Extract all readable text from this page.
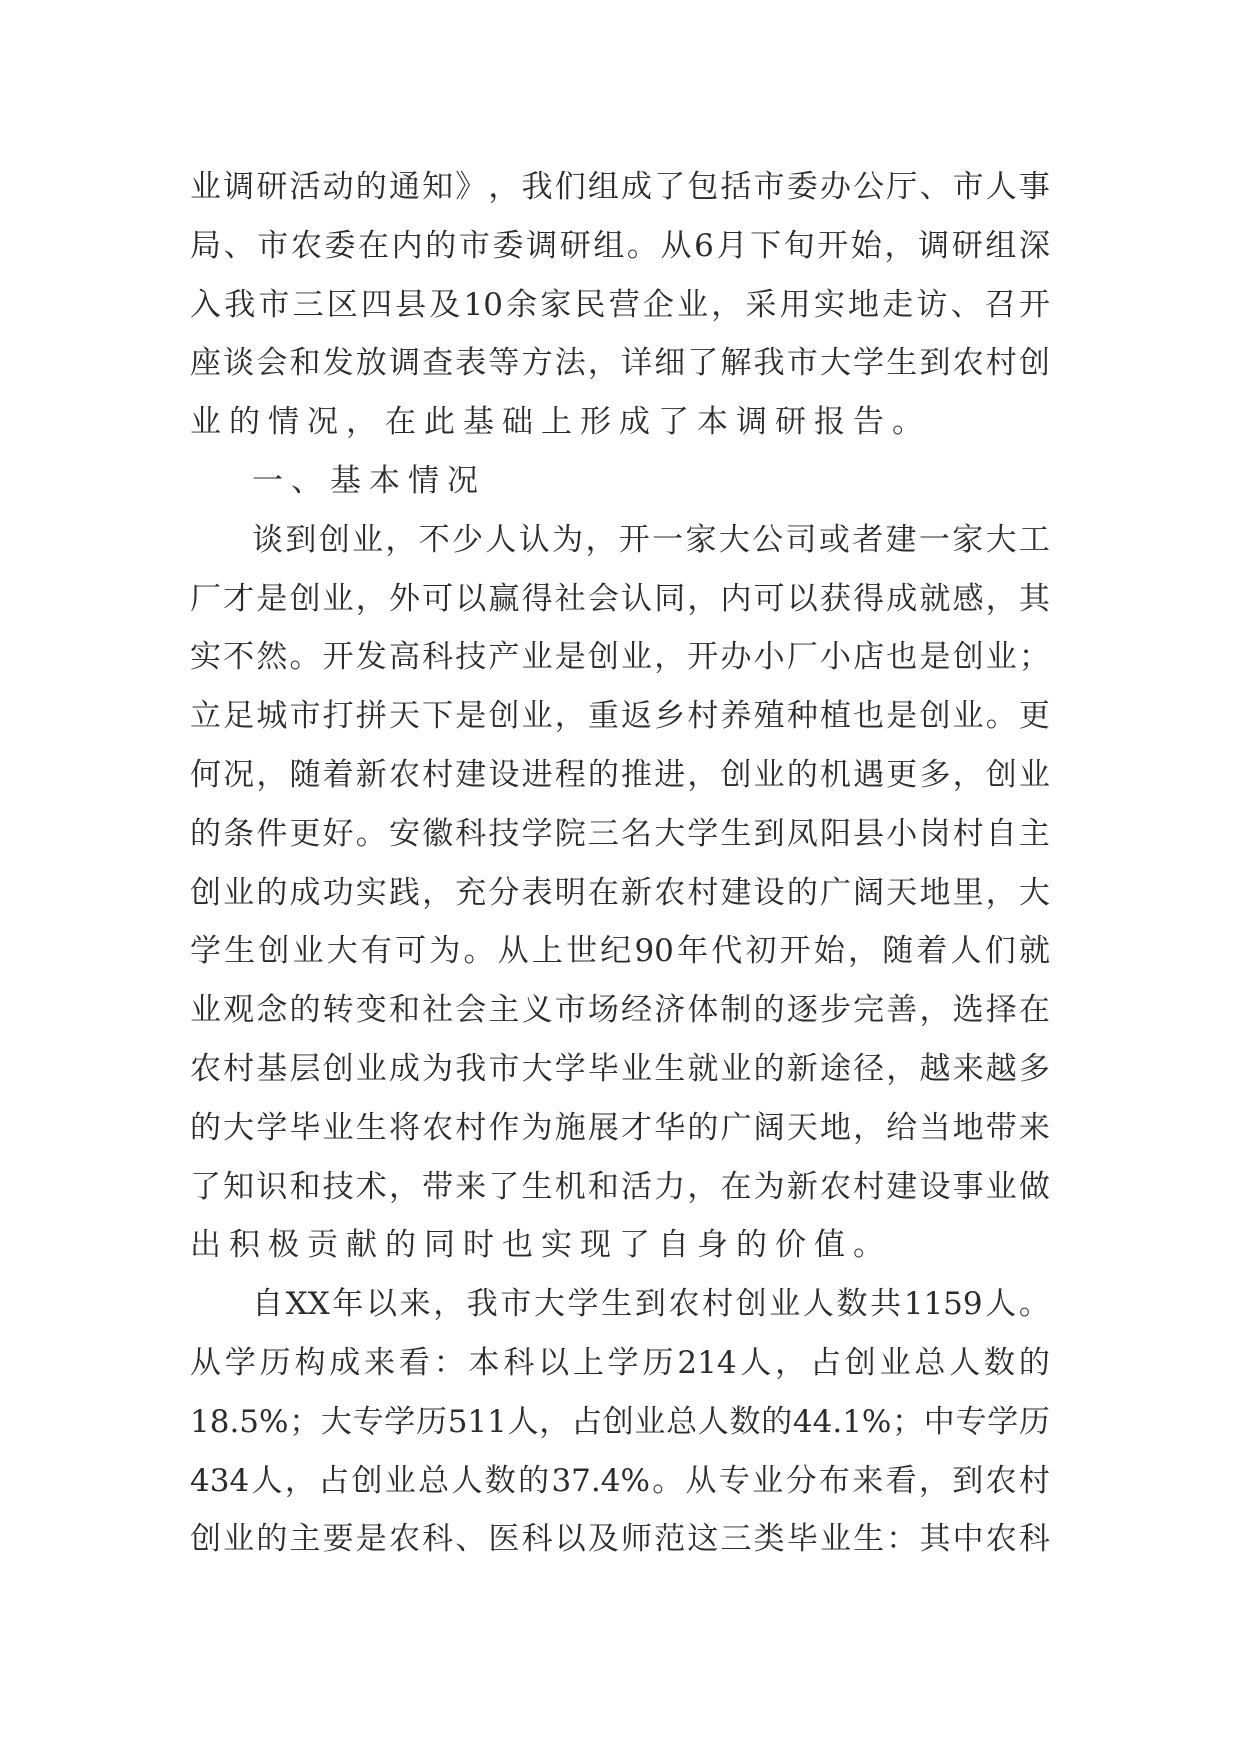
业 调 研 活 动 的 通 知 》 ， 我 们 组 成 了 包 括 市 委 办 公 厅 、 市 人 事
局 、 市 农 委 在 内 的 市 委 调 研 组 。 从 6 月 下 旬 开 始 ， 调 研 组 深
入 我 市 三 区 四 县 及 10 余 家 民 营 企 业 ， 采 用 实 地 走 访 、 召 开
座 谈 会 和 发 放 调 查 表 等 方 法 ， 详 细 了 解 我 市 大 学 生 到 农 村 创
业的情况，在此基础上形成了本调研报告。
一、基本情况
谈 到 创 业 ， 不 少 人 认 为 ， 开 一 家 大 公 司 或 者 建 一 家 大 工
厂 才 是 创 业 ， 外 可 以 赢 得 社 会 认 同 ， 内 可 以 获 得 成 就 感 ， 其
实 不 然 。 开 发 高 科 技 产 业 是 创 业 ， 开 办 小 厂 小 店 也 是 创 业 ；
立 足 城 市 打 拼 天 下 是 创 业 ， 重 返 乡 村 养 殖 种 植 也 是 创 业 。 更
何 况 ， 随 着 新 农 村 建 设 进 程 的 推 进 ， 创 业 的 机 遇 更 多 ， 创 业
的 条 件 更 好 。 安 徽 科 技 学 院 三 名 大 学 生 到 凤 阳 县 小 岗 村 自 主
创 业 的 成 功 实 践 ， 充 分 表 明 在 新 农 村 建 设 的 广 阔 天 地 里 ， 大
学 生 创 业 大 有 可 为 。 从 上 世 纪 90 年 代 初 开 始 ， 随 着 人 们 就
业 观 念 的 转 变 和 社 会 主 义 市 场 经 济 体 制 的 逐 步 完 善 ， 选 择 在
农 村 基 层 创 业 成 为 我 市 大 学 毕 业 生 就 业 的 新 途 径 ， 越 来 越 多
的 大 学 毕 业 生 将 农 村 作 为 施 展 才 华 的 广 阔 天 地 ， 给 当 地 带 来
了 知 识 和 技 术 ， 带 来 了 生 机 和 活 力 ， 在 为 新 农 村 建 设 事 业 做
出积极贡献的同时也实现了自身的价值。
自 XX 年 以 来 ， 我 市 大 学 生 到 农 村 创 业 人 数 共 1159 人 。
从 学 历 构 成 来 看 ： 本 科 以 上 学 历 214 人 ， 占 创 业 总 人 数 的
18.5% ； 大 专 学 历 511 人 ， 占 创 业 总 人 数 的 44.1% ； 中 专 学 历
434 人 ， 占 创 业 总 人 数 的 37.4% 。 从 专 业 分 布 来 看 ， 到 农 村
创 业 的 主 要 是 农 科 、 医 科 以 及 师 范 这 三 类 毕 业 生 ： 其 中 农 科
